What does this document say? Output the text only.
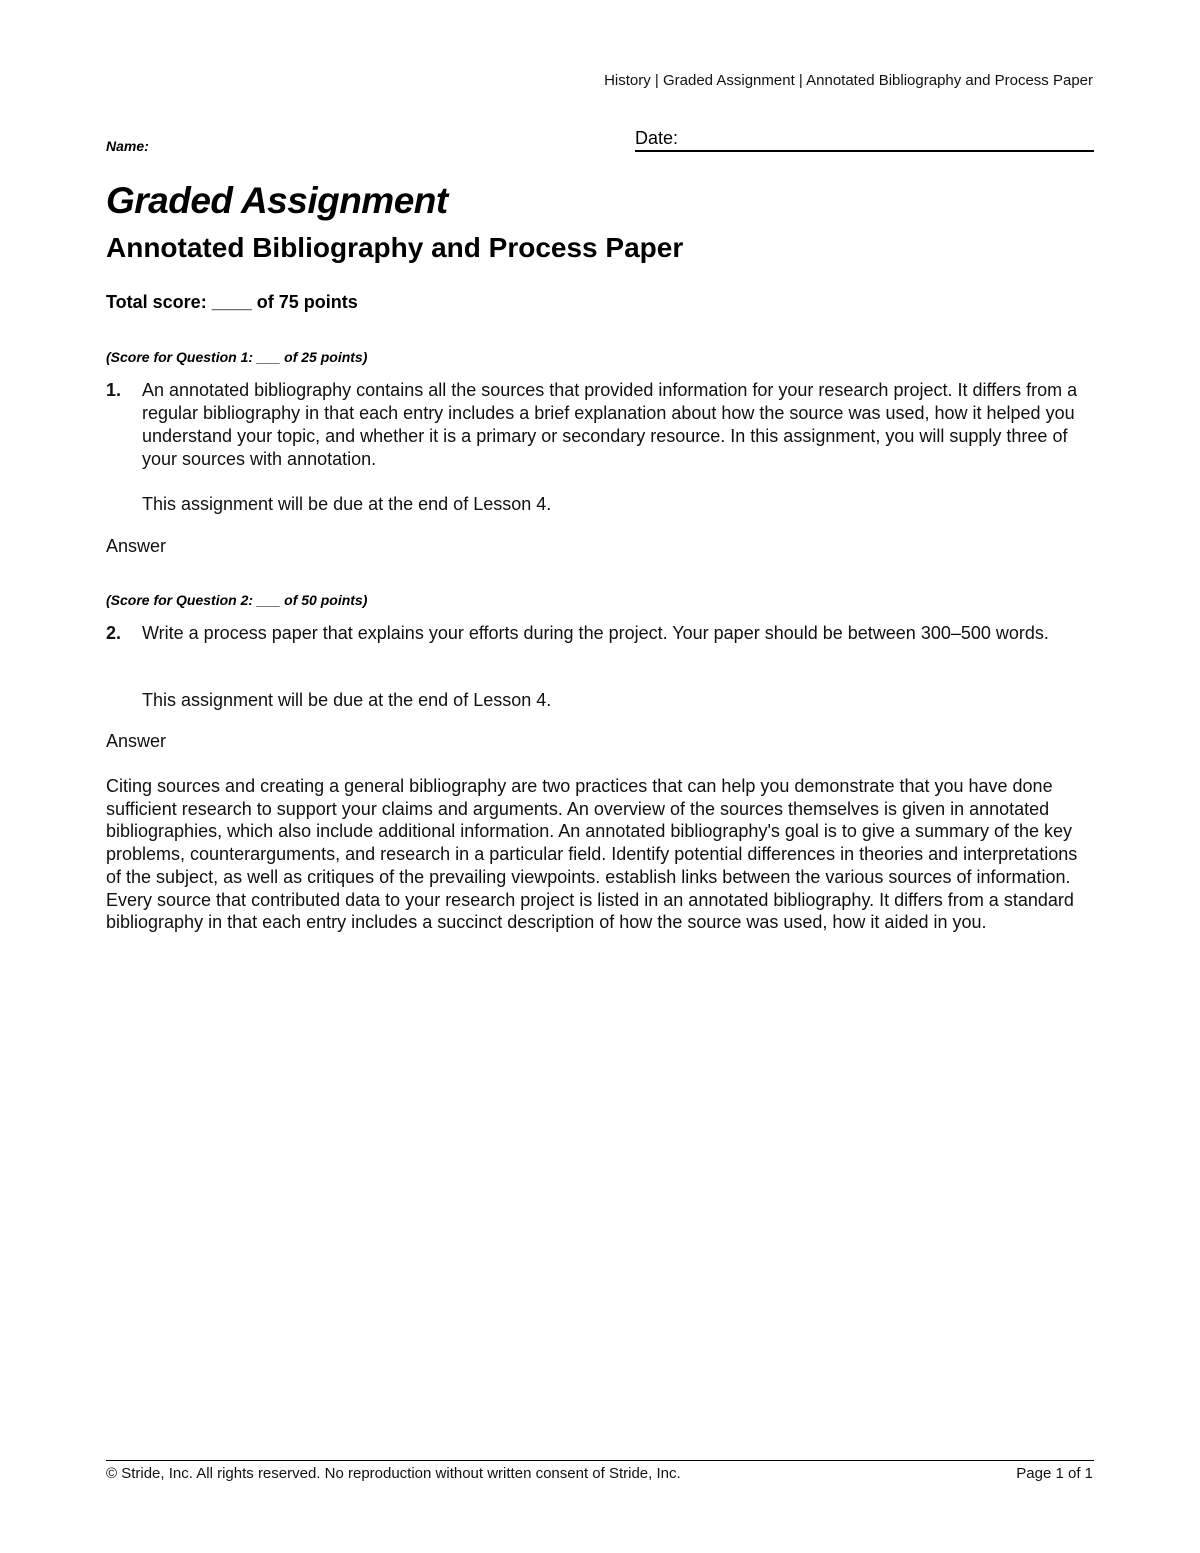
History | Graded Assignment | Annotated Bibliography and Process Paper
Name:	Date:
Graded Assignment
Annotated Bibliography and Process Paper
Total score: ____ of 75 points
(Score for Question 1: ___ of 25 points)
1. An annotated bibliography contains all the sources that provided information for your research project. It differs from a regular bibliography in that each entry includes a brief explanation about how the source was used, how it helped you understand your topic, and whether it is a primary or secondary resource. In this assignment, you will supply three of your sources with annotation.
This assignment will be due at the end of Lesson 4.
Answer
(Score for Question 2: ___ of 50 points)
2. Write a process paper that explains your efforts during the project. Your paper should be between 300–500 words.
This assignment will be due at the end of Lesson 4.
Answer

Citing sources and creating a general bibliography are two practices that can help you demonstrate that you have done sufficient research to support your claims and arguments. An overview of the sources themselves is given in annotated bibliographies, which also include additional information. An annotated bibliography's goal is to give a summary of the key problems, counterarguments, and research in a particular field. Identify potential differences in theories and interpretations of the subject, as well as critiques of the prevailing viewpoints. establish links between the various sources of information.

Every source that contributed data to your research project is listed in an annotated bibliography. It differs from a standard bibliography in that each entry includes a succinct description of how the source was used, how it aided in you.

© Stride, Inc. All rights reserved. No reproduction without written consent of Stride, Inc.	Page 1 of 1
